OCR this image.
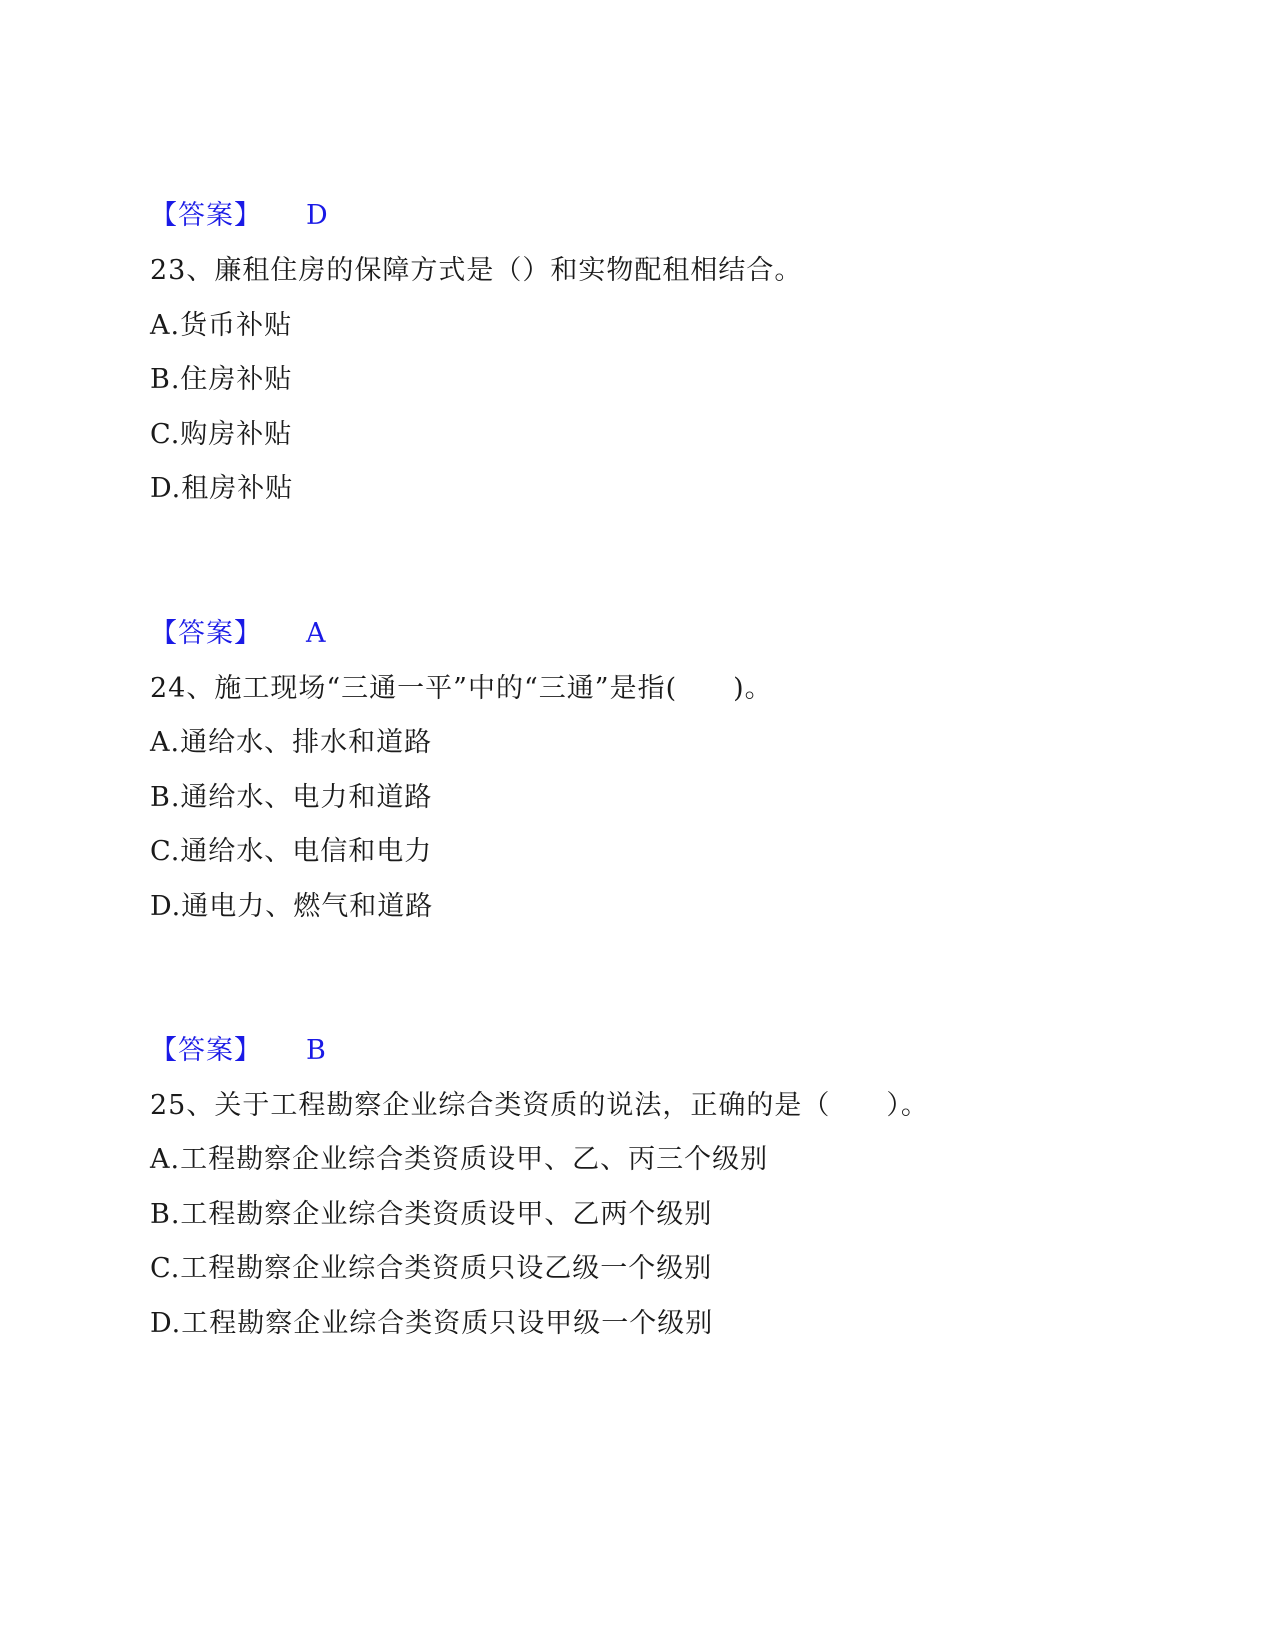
【答案】 D
23、廉租住房的保障方式是（）和实物配租相结合。
A.货币补贴
B.住房补贴
C.购房补贴
D.租房补贴
【答案】 A
24、施工现场“三通一平”中的“三通”是指(　　)。
A.通给水、排水和道路
B.通给水、电力和道路
C.通给水、电信和电力
D.通电力、燃气和道路
【答案】 B
25、关于工程勘察企业综合类资质的说法，正确的是（　　）。
A.工程勘察企业综合类资质设甲、乙、丙三个级别
B.工程勘察企业综合类资质设甲、乙两个级别
C.工程勘察企业综合类资质只设乙级一个级别
D.工程勘察企业综合类资质只设甲级一个级别
